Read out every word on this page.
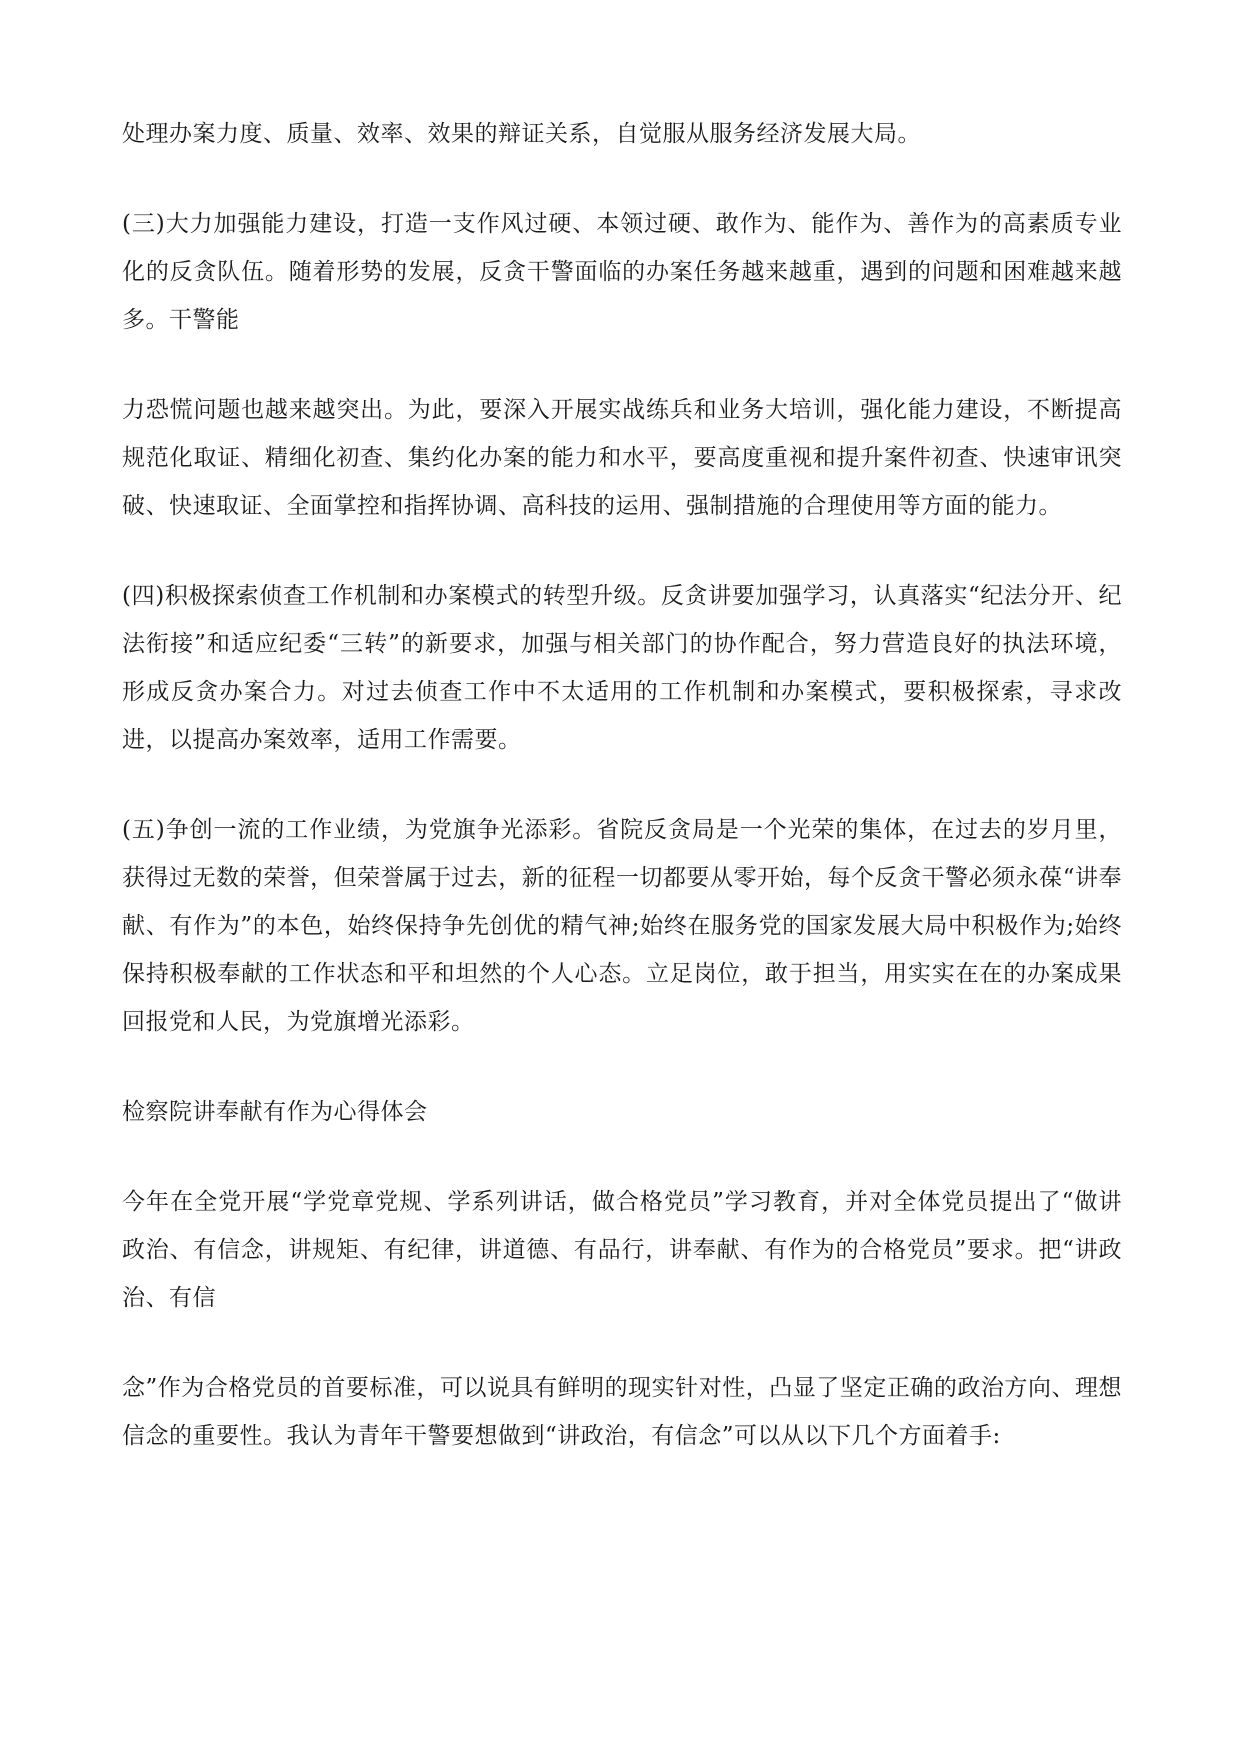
处理办案力度、质量、效率、效果的辩证关系，自觉服从服务经济发展大局。

(三)大力加强能力建设，打造一支作风过硬、本领过硬、敢作为、能作为、善作为的高素质专业化的反贪队伍。随着形势的发展，反贪干警面临的办案任务越来越重，遇到的问题和困难越来越多。干警能

力恐慌问题也越来越突出。为此，要深入开展实战练兵和业务大培训，强化能力建设，不断提高规范化取证、精细化初查、集约化办案的能力和水平，要高度重视和提升案件初查、快速审讯突破、快速取证、全面掌控和指挥协调、高科技的运用、强制措施的合理使用等方面的能力。

(四)积极探索侦查工作机制和办案模式的转型升级。反贪讲要加强学习，认真落实“纪法分开、纪法衔接”和适应纪委“三转”的新要求，加强与相关部门的协作配合，努力营造良好的执法环境，形成反贪办案合力。对过去侦查工作中不太适用的工作机制和办案模式，要积极探索，寻求改进，以提高办案效率，适用工作需要。

(五)争创一流的工作业绩，为党旗争光添彩。省院反贪局是一个光荣的集体，在过去的岁月里，获得过无数的荣誉，但荣誉属于过去，新的征程一切都要从零开始，每个反贪干警必须永葆“讲奉献、有作为”的本色，始终保持争先创优的精气神;始终在服务党的国家发展大局中积极作为;始终保持积极奉献的工作状态和平和坦然的个人心态。立足岗位，敢于担当，用实实在在的办案成果回报党和人民，为党旗增光添彩。

检察院讲奉献有作为心得体会

今年在全党开展“学党章党规、学系列讲话，做合格党员”学习教育，并对全体党员提出了“做讲政治、有信念，讲规矩、有纪律，讲道德、有品行，讲奉献、有作为的合格党员”要求。把“讲政治、有信

念”作为合格党员的首要标准，可以说具有鲜明的现实针对性，凸显了坚定正确的政治方向、理想信念的重要性。我认为青年干警要想做到“讲政治，有信念”可以从以下几个方面着手:
